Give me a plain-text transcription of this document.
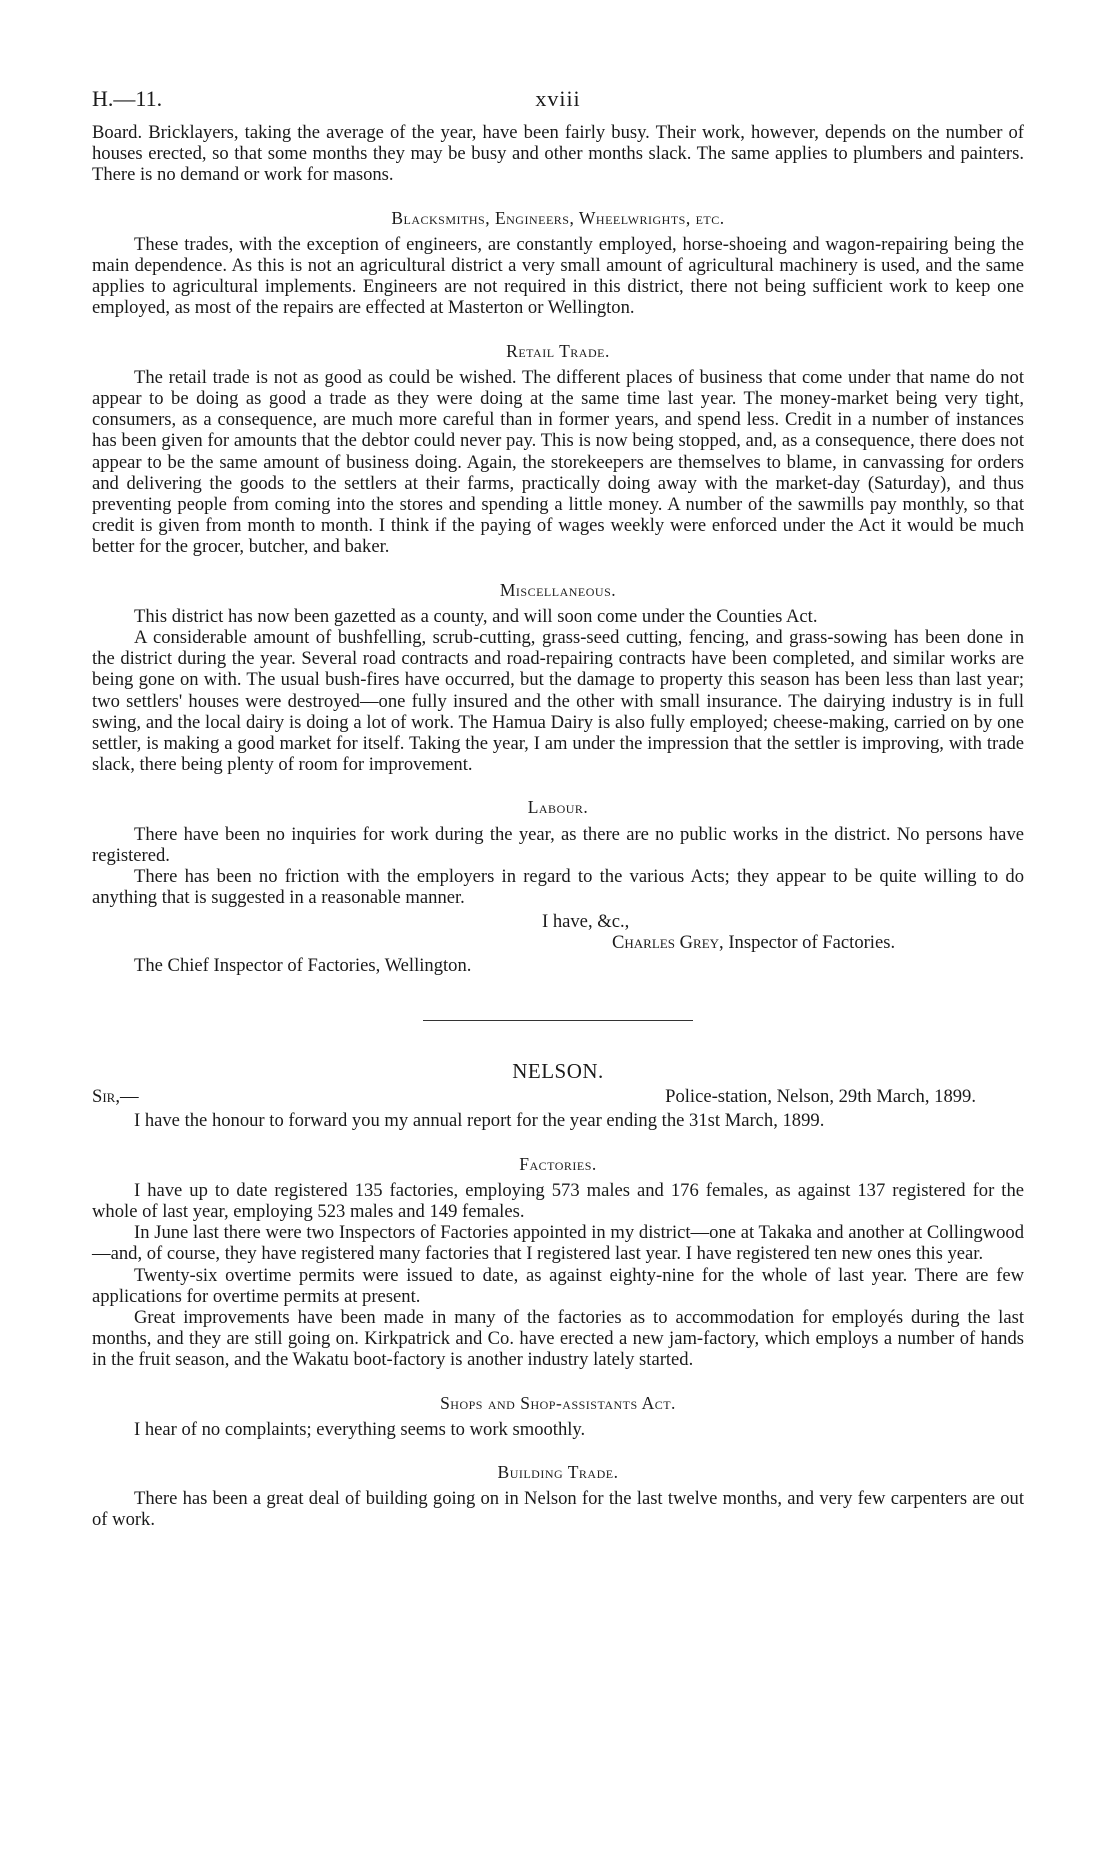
H.—11.	xviii

Board. Bricklayers, taking the average of the year, have been fairly busy. Their work, however, depends on the number of houses erected, so that some months they may be busy and other months slack. The same applies to plumbers and painters. There is no demand or work for masons.

Blacksmiths, Engineers, Wheelwrights, etc.

These trades, with the exception of engineers, are constantly employed, horse-shoeing and wagon-repairing being the main dependence. As this is not an agricultural district a very small amount of agricultural machinery is used, and the same applies to agricultural implements. Engineers are not required in this district, there not being sufficient work to keep one employed, as most of the repairs are effected at Masterton or Wellington.

Retail Trade.

The retail trade is not as good as could be wished. The different places of business that come under that name do not appear to be doing as good a trade as they were doing at the same time last year. The money-market being very tight, consumers, as a consequence, are much more careful than in former years, and spend less. Credit in a number of instances has been given for amounts that the debtor could never pay. This is now being stopped, and, as a consequence, there does not appear to be the same amount of business doing. Again, the storekeepers are themselves to blame, in canvassing for orders and delivering the goods to the settlers at their farms, practically doing away with the market-day (Saturday), and thus preventing people from coming into the stores and spending a little money. A number of the sawmills pay monthly, so that credit is given from month to month. I think if the paying of wages weekly were enforced under the Act it would be much better for the grocer, butcher, and baker.

Miscellaneous.

This district has now been gazetted as a county, and will soon come under the Counties Act.

A considerable amount of bushfelling, scrub-cutting, grass-seed cutting, fencing, and grass-sowing has been done in the district during the year. Several road contracts and road-repairing contracts have been completed, and similar works are being gone on with. The usual bush-fires have occurred, but the damage to property this season has been less than last year; two settlers' houses were destroyed—one fully insured and the other with small insurance. The dairying industry is in full swing, and the local dairy is doing a lot of work. The Hamua Dairy is also fully employed; cheese-making, carried on by one settler, is making a good market for itself. Taking the year, I am under the impression that the settler is improving, with trade slack, there being plenty of room for improvement.

Labour.

There have been no inquiries for work during the year, as there are no public works in the district. No persons have registered.

There has been no friction with the employers in regard to the various Acts; they appear to be quite willing to do anything that is suggested in a reasonable manner.

I have, &c.,
Charles Grey, Inspector of Factories.
The Chief Inspector of Factories, Wellington.
NELSON.
Sir,—	Police-station, Nelson, 29th March, 1899.

I have the honour to forward you my annual report for the year ending the 31st March, 1899.

Factories.

I have up to date registered 135 factories, employing 573 males and 176 females, as against 137 registered for the whole of last year, employing 523 males and 149 females.

In June last there were two Inspectors of Factories appointed in my district—one at Takaka and another at Collingwood—and, of course, they have registered many factories that I registered last year. I have registered ten new ones this year.

Twenty-six overtime permits were issued to date, as against eighty-nine for the whole of last year. There are few applications for overtime permits at present.

Great improvements have been made in many of the factories as to accommodation for employés during the last months, and they are still going on. Kirkpatrick and Co. have erected a new jam-factory, which employs a number of hands in the fruit season, and the Wakatu boot-factory is another industry lately started.

Shops and Shop-assistants Act.

I hear of no complaints; everything seems to work smoothly.

Building Trade.

There has been a great deal of building going on in Nelson for the last twelve months, and very few carpenters are out of work.
